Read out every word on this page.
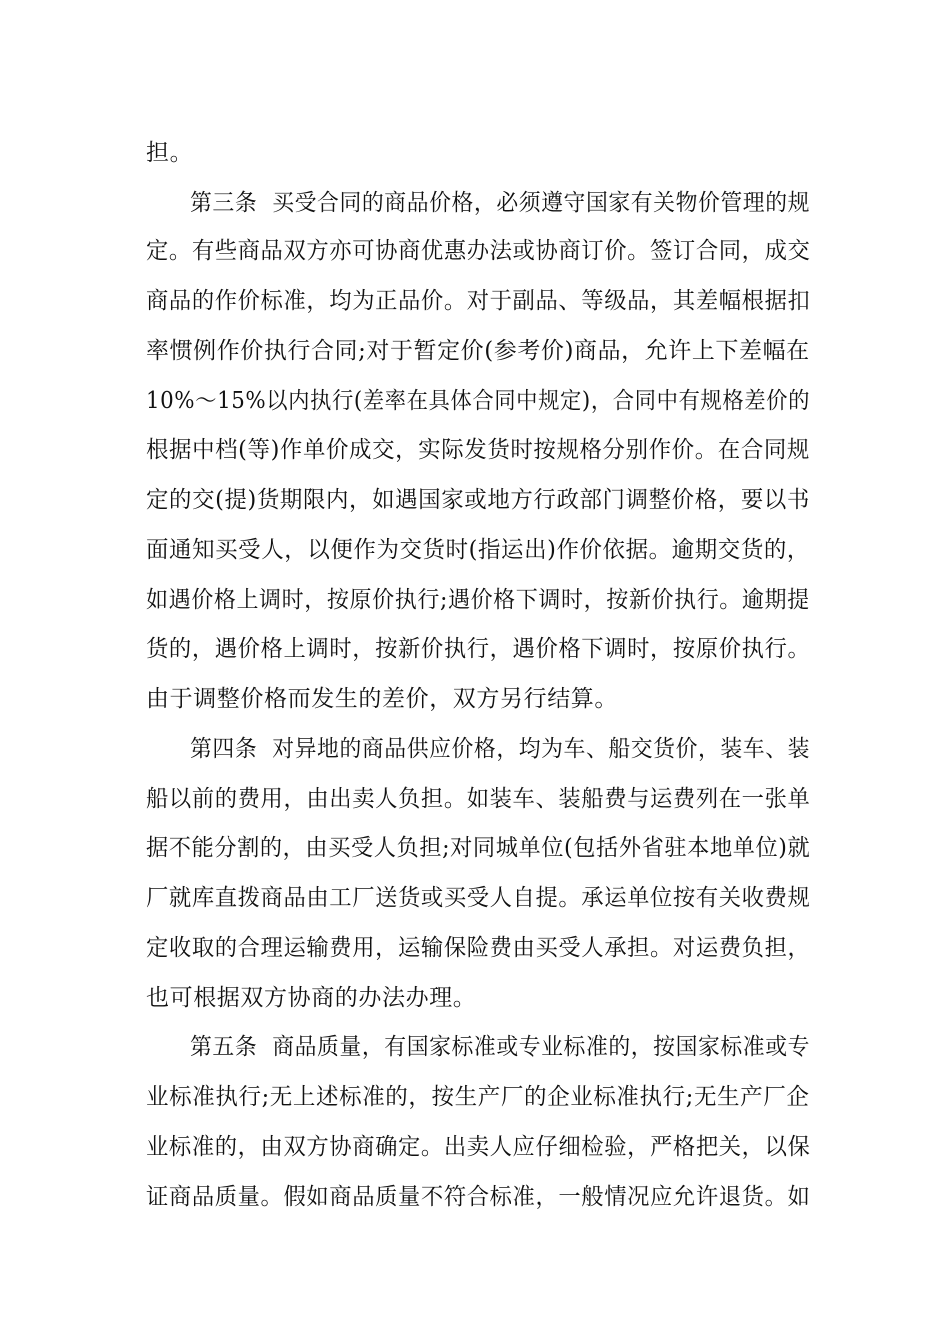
担。
第三条  买受合同的商品价格，必须遵守国家有关物价管理的规
定。有些商品双方亦可协商优惠办法或协商订价。签订合同，成交
商品的作价标准，均为正品价。对于副品、等级品，其差幅根据扣
率惯例作价执行合同;对于暂定价(参考价)商品，允许上下差幅在
10%～15%以内执行(差率在具体合同中规定)，合同中有规格差价的
根据中档(等)作单价成交，实际发货时按规格分别作价。在合同规
定的交(提)货期限内，如遇国家或地方行政部门调整价格，要以书
面通知买受人，以便作为交货时(指运出)作价依据。逾期交货的，
如遇价格上调时，按原价执行;遇价格下调时，按新价执行。逾期提
货的，遇价格上调时，按新价执行，遇价格下调时，按原价执行。
由于调整价格而发生的差价，双方另行结算。
第四条  对异地的商品供应价格，均为车、船交货价，装车、装
船以前的费用，由出卖人负担。如装车、装船费与运费列在一张单
据不能分割的，由买受人负担;对同城单位(包括外省驻本地单位)就
厂就库直拨商品由工厂送货或买受人自提。承运单位按有关收费规
定收取的合理运输费用，运输保险费由买受人承担。对运费负担，
也可根据双方协商的办法办理。
第五条  商品质量，有国家标准或专业标准的，按国家标准或专
业标准执行;无上述标准的，按生产厂的企业标准执行;无生产厂企
业标准的，由双方协商确定。出卖人应仔细检验，严格把关，以保
证商品质量。假如商品质量不符合标准，一般情况应允许退货。如
